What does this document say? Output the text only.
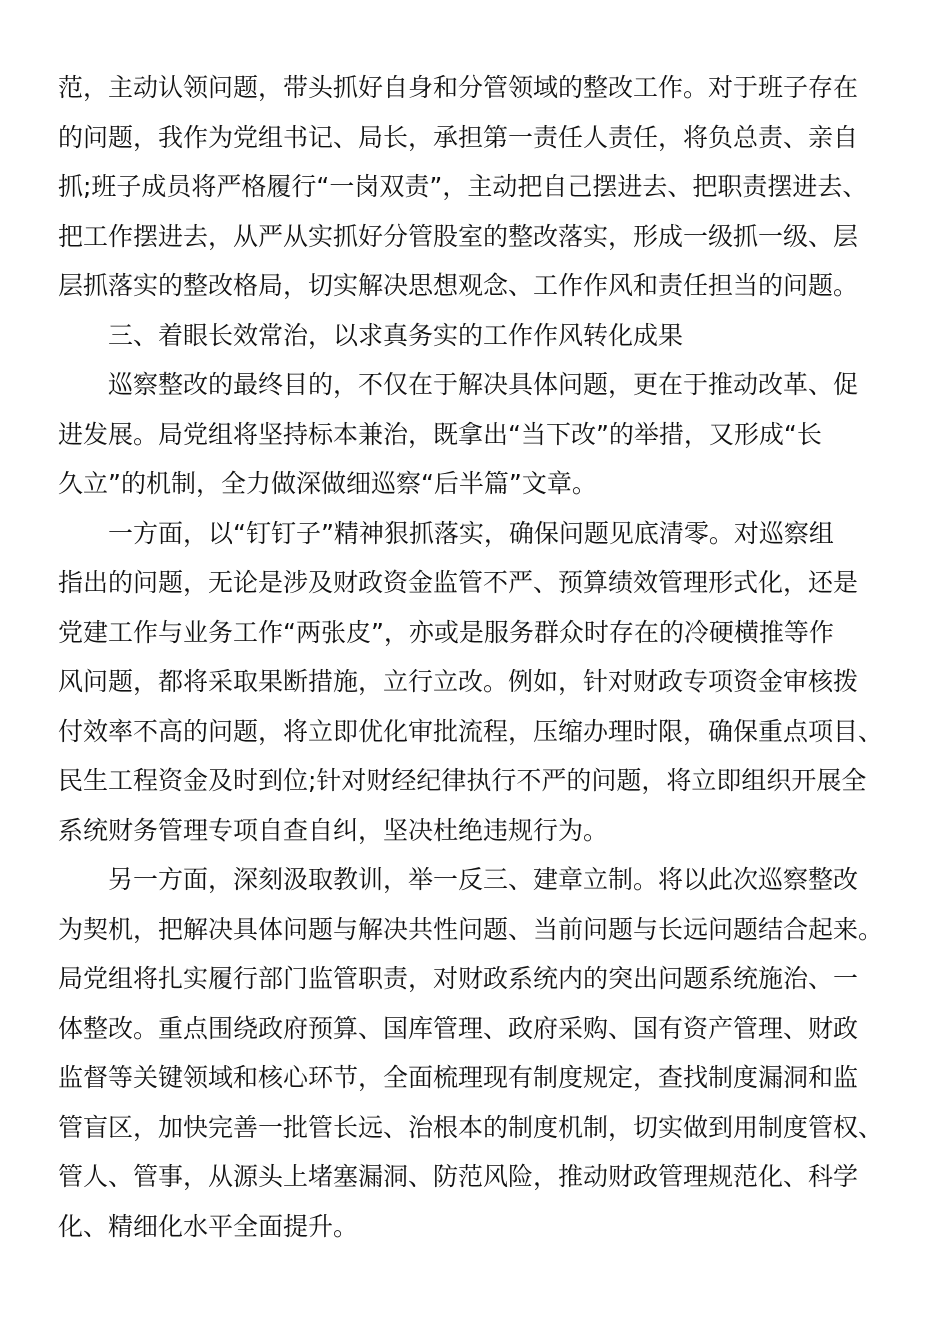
范，主动认领问题，带头抓好自身和分管领域的整改工作。对于班子存在
的问题，我作为党组书记、局长，承担第一责任人责任，将负总责、亲自
抓;班子成员将严格履行“一岗双责”，主动把自己摆进去、把职责摆进去、
把工作摆进去，从严从实抓好分管股室的整改落实，形成一级抓一级、层
层抓落实的整改格局，切实解决思想观念、工作作风和责任担当的问题。
三、着眼长效常治，以求真务实的工作作风转化成果
巡察整改的最终目的，不仅在于解决具体问题，更在于推动改革、促
进发展。局党组将坚持标本兼治，既拿出“当下改”的举措，又形成“长
久立”的机制，全力做深做细巡察“后半篇”文章。
一方面，以“钉钉子”精神狠抓落实，确保问题见底清零。对巡察组
指出的问题，无论是涉及财政资金监管不严、预算绩效管理形式化，还是
党建工作与业务工作“两张皮”，亦或是服务群众时存在的冷硬横推等作
风问题，都将采取果断措施，立行立改。例如，针对财政专项资金审核拨
付效率不高的问题，将立即优化审批流程，压缩办理时限，确保重点项目、
民生工程资金及时到位;针对财经纪律执行不严的问题，将立即组织开展全
系统财务管理专项自查自纠，坚决杜绝违规行为。
另一方面，深刻汲取教训，举一反三、建章立制。将以此次巡察整改
为契机，把解决具体问题与解决共性问题、当前问题与长远问题结合起来。
局党组将扎实履行部门监管职责，对财政系统内的突出问题系统施治、一
体整改。重点围绕政府预算、国库管理、政府采购、国有资产管理、财政
监督等关键领域和核心环节，全面梳理现有制度规定，查找制度漏洞和监
管盲区，加快完善一批管长远、治根本的制度机制，切实做到用制度管权、
管人、管事，从源头上堵塞漏洞、防范风险，推动财政管理规范化、科学
化、精细化水平全面提升。
